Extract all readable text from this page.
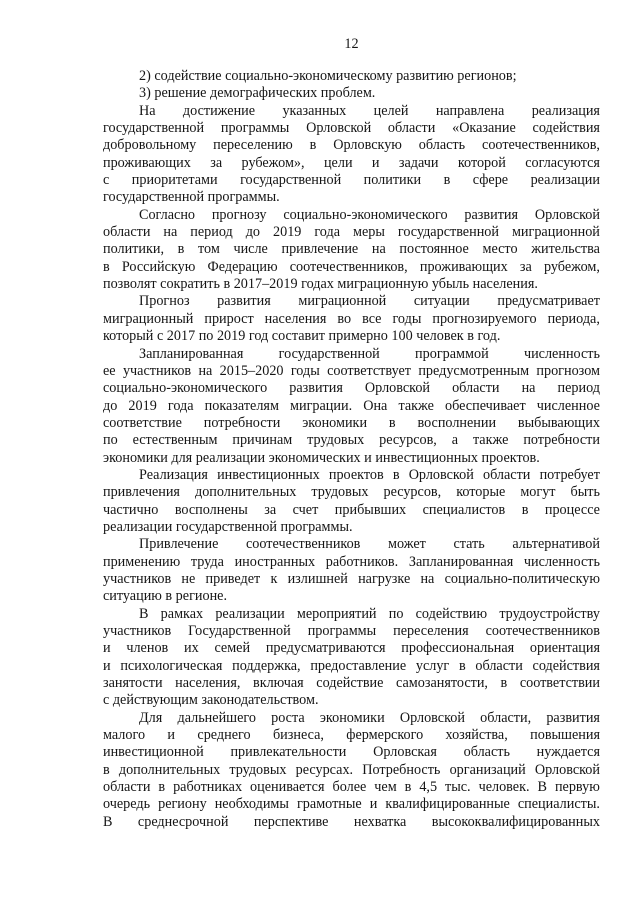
12
2) содействие социально-экономическому развитию регионов;
3) решение демографических проблем.
На достижение указанных целей направлена реализация
государственной программы Орловской области «Оказание содействия
добровольному переселению в Орловскую область соотечественников,
проживающих за рубежом», цели и задачи которой согласуются
с приоритетами государственной политики в сфере реализации
государственной программы.
Согласно прогнозу социально-экономического развития Орловской
области на период до 2019 года меры государственной миграционной
политики, в том числе привлечение на постоянное место жительства
в Российскую Федерацию соотечественников, проживающих за рубежом,
позволят сократить в 2017–2019 годах миграционную убыль населения.
Прогноз развития миграционной ситуации предусматривает
миграционный прирост населения во все годы прогнозируемого периода,
который с 2017 по 2019 год составит примерно 100 человек в год.
Запланированная государственной программой численность
ее участников на 2015–2020 годы соответствует предусмотренным прогнозом
социально-экономического развития Орловской области на период
до 2019 года показателям миграции. Она также обеспечивает численное
соответствие потребности экономики в восполнении выбывающих
по естественным причинам трудовых ресурсов, а также потребности
экономики для реализации экономических и инвестиционных проектов.
Реализация инвестиционных проектов в Орловской области потребует
привлечения дополнительных трудовых ресурсов, которые могут быть
частично восполнены за счет прибывших специалистов в процессе
реализации государственной программы.
Привлечение соотечественников может стать альтернативой
применению труда иностранных работников. Запланированная численность
участников не приведет к излишней нагрузке на социально-политическую
ситуацию в регионе.
В рамках реализации мероприятий по содействию трудоустройству
участников Государственной программы переселения соотечественников
и членов их семей предусматриваются профессиональная ориентация
и психологическая поддержка, предоставление услуг в области содействия
занятости населения, включая содействие самозанятости, в соответствии
с действующим законодательством.
Для дальнейшего роста экономики Орловской области, развития
малого и среднего бизнеса, фермерского хозяйства, повышения
инвестиционной привлекательности Орловская область нуждается
в дополнительных трудовых ресурсах. Потребность организаций Орловской
области в работниках оценивается более чем в 4,5 тыс. человек. В первую
очередь региону необходимы грамотные и квалифицированные специалисты.
В среднесрочной перспективе нехватка высококвалифицированных
